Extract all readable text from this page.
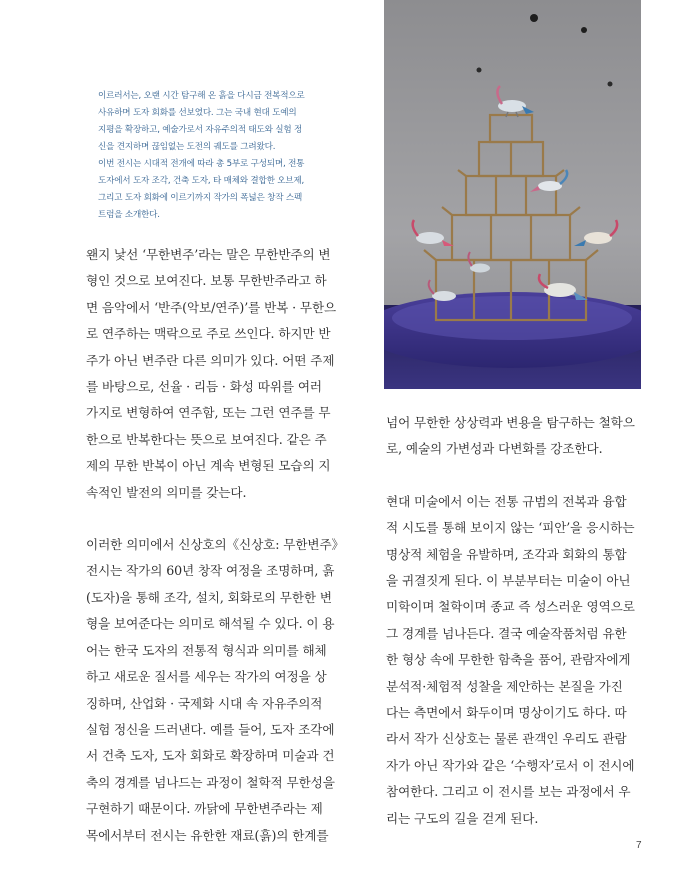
이르러서는, 오랜 시간 탐구해 온 흙을 다시금 전복적으로

사유하며 도자 회화를 선보였다. 그는 국내 현대 도예의

지평을 확장하고, 예술가로서 자유주의적 태도와 실험 정

신을 견지하며 끊임없는 도전의 궤도를 그려왔다.

이번 전시는 시대적 전개에 따라 총 5부로 구성되며, 전통

도자에서 도자 조각, 건축 도자, 타 매체와 결합한 오브제,

그리고 도자 회화에 이르기까지 작가의 폭넓은 창작 스펙

트럼을 소개한다.

왠지 낯선 ‘무한변주’라는 말은 무한반주의 변

형인 것으로 보여진다. 보통 무한반주라고 하

면 음악에서 ‘반주(악보/연주)’를 반복 · 무한으

로 연주하는 맥락으로 주로 쓰인다. 하지만 반

주가 아닌 변주란 다른 의미가 있다. 어떤 주제

를 바탕으로, 선율 · 리듬 · 화성 따위를 여러

가지로 변형하여 연주함, 또는 그런 연주를 무

한으로 반복한다는 뜻으로 보여진다. 같은 주

제의 무한 반복이 아닌 계속 변형된 모습의 지

속적인 발전의 의미를 갖는다.

이러한 의미에서 신상호의《신상호: 무한변주》

전시는 작가의 60년 창작 여정을 조명하며, 흙

(도자)을 통해 조각, 설치, 회화로의 무한한 변

형을 보여준다는 의미로 해석될 수 있다. 이 용

어는 한국 도자의 전통적 형식과 의미를 해체

하고 새로운 질서를 세우는 작가의 여정을 상

징하며, 산업화 · 국제화 시대 속 자유주의적

실험 정신을 드러낸다. 예를 들어, 도자 조각에

서 건축 도자, 도자 회화로 확장하며 미술과 건

축의 경계를 넘나드는 과정이 철학적 무한성을

구현하기 때문이다. 까닭에 무한변주라는 제

목에서부터 전시는 유한한 재료(흙)의 한계를

넘어 무한한 상상력과 변용을 탐구하는 철학으

로, 예술의 가변성과 다변화를 강조한다.

현대 미술에서 이는 전통 규범의 전복과 융합

적 시도를 통해 보이지 않는 ‘피안’을 응시하는

명상적 체험을 유발하며, 조각과 회화의 통합

을 귀결짓게 된다. 이 부분부터는 미술이 아닌

미학이며 철학이며 종교 즉 성스러운 영역으로

그 경계를 넘나든다. 결국 예술작품처럼 유한

한 형상 속에 무한한 함축을 품어, 관람자에게

분석적·체험적 성찰을 제안하는 본질을 가진

다는 측면에서 화두이며 명상이기도 하다. 따

라서 작가 신상호는 물론 관객인 우리도 관람

자가 아닌 작가와 같은 ‘수행자’로서 이 전시에

참여한다. 그리고 이 전시를 보는 과정에서 우

리는 구도의 길을 걷게 된다.

7
